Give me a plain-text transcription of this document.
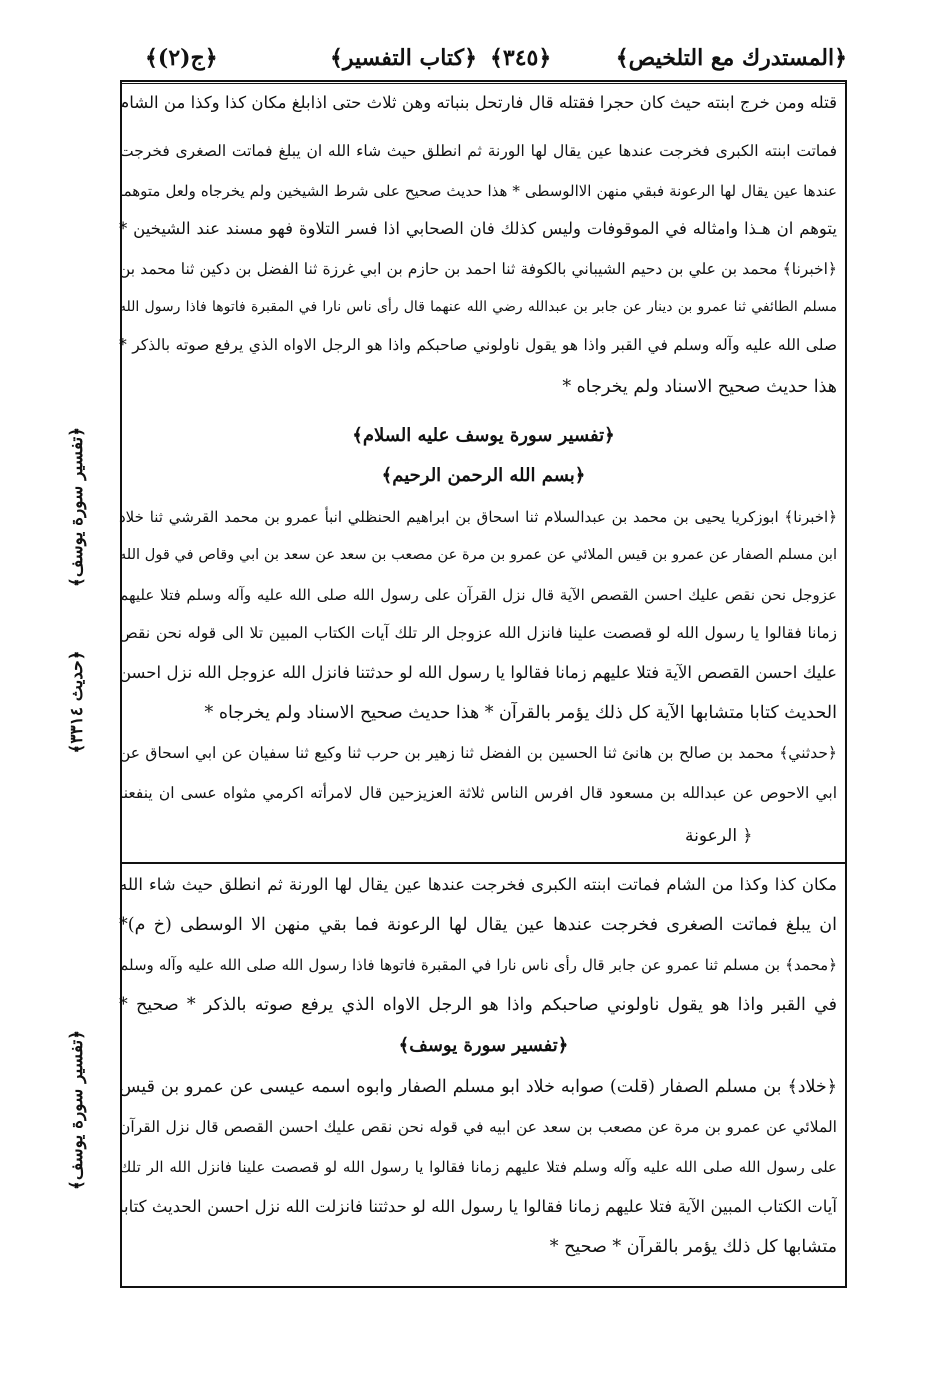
﴿المستدرك مع التلخيص﴾
﴿٣٤٥﴾
﴿كتاب التفسير﴾
﴿ج(٢)﴾
قتله ومن خرج ابنته حيث كان حجرا فقتله قال فارتحل بنباته وهن ثلاث حتى اذابلغ مكان كذا وكذا من الشام
فماتت ابنته الكبرى فخرجت عندها عين يقال لها الورنة ثم انطلق حيث شاء الله ان يبلغ فماتت الصغرى فخرجت
عندها عين يقال لها الرعونة فبقي منهن الاالوسطى * هذا حديث صحيح على شرط الشيخين ولم يخرجاه ولعل متوهما
يتوهم ان هـذا وامثاله في الموقوفات وليس كذلك فان الصحابي اذا فسر التلاوة فهو مسند عند الشيخين *
﴿اخبرنا﴾ محمد بن علي بن دحيم الشيباني بالكوفة ثنا احمد بن حازم بن ابي غرزة ثنا الفضل بن دكين ثنا محمد بن
مسلم الطائفي ثنا عمرو بن دينار عن جابر بن عبدالله رضي الله عنهما قال رأى ناس نارا في المقبرة فاتوها فاذا رسول الله
صلى الله عليه وآله وسلم في القبر واذا هو يقول ناولوني صاحبكم واذا هو الرجل الاواه الذي يرفع صوته بالذكر *
هذا حديث صحيح الاسناد ولم يخرجاه *
﴿تفسير سورة يوسف عليه السلام﴾
﴿بسم الله الرحمن الرحيم﴾
﴿اخبرنا﴾ ابوزكريا يحيى بن محمد بن عبدالسلام ثنا اسحاق بن ابراهيم الحنظلي انبأ عمرو بن محمد القرشي ثنا خلاد
ابن مسلم الصفار عن عمرو بن قيس الملائي عن عمرو بن مرة عن مصعب بن سعد عن سعد بن ابي وقاص في قول الله
عزوجل نحن نقص عليك احسن القصص الآية قال نزل القرآن على رسول الله صلى الله عليه وآله وسلم فتلا عليهم
زمانا فقالوا يا رسول الله لو قصصت علينا فانزل الله عزوجل الر تلك آيات الكتاب المبين تلا الى قوله نحن نقص
عليك احسن القصص الآية فتلا عليهم زمانا فقالوا يا رسول الله لو حدثتنا فانزل الله عزوجل الله نزل احسن
الحديث كتابا متشابها الآية كل ذلك يؤمر بالقرآن * هذا حديث صحيح الاسناد ولم يخرجاه *
﴿حدثني﴾ محمد بن صالح بن هانئ ثنا الحسين بن الفضل ثنا زهير بن حرب ثنا وكيع ثنا سفيان عن ابي اسحاق عن
ابي الاحوص عن عبدالله بن مسعود قال افرس الناس ثلاثة العزيزحين قال لامرأته اكرمي مثواه عسى ان ينفعنا
﴿ الرعونة
مكان كذا وكذا من الشام فماتت ابنته الكبرى فخرجت عندها عين يقال لها الورنة ثم انطلق حيث شاء الله
ان يبلغ فماتت الصغرى فخرجت عندها عين يقال لها الرعونة فما بقي منهن الا الوسطى (خ م)*
﴿محمد﴾ بن مسلم ثنا عمرو عن جابر قال رأى ناس نارا في المقبرة فاتوها فاذا رسول الله صلى الله عليه وآله وسلم
في القبر واذا هو يقول ناولوني صاحبكم واذا هو الرجل الاواه الذي يرفع صوته بالذكر * صحيح *
﴿تفسير سورة يوسف﴾
﴿خلاد﴾ بن مسلم الصفار (قلت) صوابه خلاد ابو مسلم الصفار وابوه اسمه عيسى عن عمرو بن قيس
الملائي عن عمرو بن مرة عن مصعب بن سعد عن ابيه في قوله نحن نقص عليك احسن القصص قال نزل القرآن
على رسول الله صلى الله عليه وآله وسلم فتلا عليهم زمانا فقالوا يا رسول الله لو قصصت علينا فانزل الله الر تلك
آيات الكتاب المبين الآية فتلا عليهم زمانا فقالوا يا رسول الله لو حدثتنا فانزلت الله نزل احسن الحديث كتابا
متشابها كل ذلك يؤمر بالقرآن * صحيح *
﴿تفسير سورة يوسف﴾
﴿حديث ٣٣١٤﴾
﴿تفسير سورة يوسف﴾
